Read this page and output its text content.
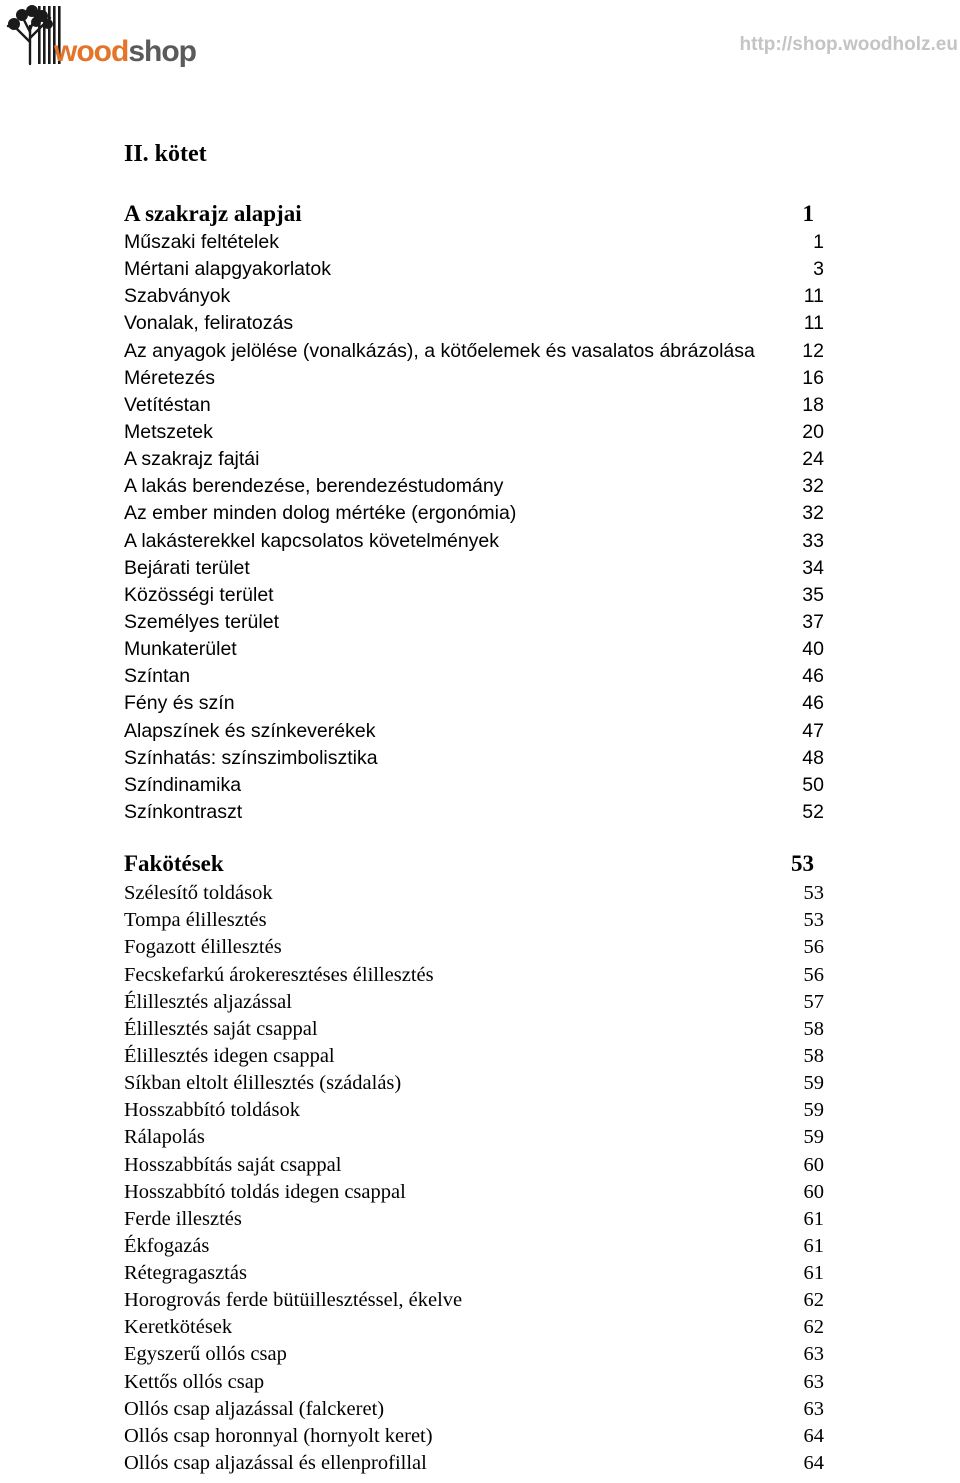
woodshop	http://shop.woodholz.eu
II. kötet
A szakrajz alapjai	1
Műszaki feltételek	1
Mértani alapgyakorlatok	3
Szabványok	11
Vonalak, feliratozás	11
Az anyagok jelölése (vonalkázás), a kötőelemek és vasalatos ábrázolása 12
Méretezés	16
Vetítéstan	18
Metszetek	20
A szakrajz fajtái	24
A lakás berendezése, berendezéstudomány	32
Az ember minden dolog mértéke (ergonómia)	32
A lakásterekkel kapcsolatos követelmények	33
Bejárati terület	34
Közösségi terület	35
Személyes terület	37
Munkaterület	40
Színtan	46
Fény és szín	46
Alapszínek és színkeverékek	47
Színhatás: színszimbolisztika	48
Színdinamika	50
Színkontraszt	52
Fakötések	53
Szélesítő toldások	53
Tompa élillesztés	53
Fogazott élillesztés	56
Fecskefarkú árokeresztéses élillesztés	56
Élillesztés aljazással	57
Élillesztés saját csappal	58
Élillesztés idegen csappal	58
Síkban eltolt élillesztés (szádalás)	59
Hosszabbító toldások	59
Rálapolás	59
Hosszabbítás saját csappal	60
Hosszabbító toldás idegen csappal	60
Ferde illesztés	61
Ékfogazás	61
Rétegragasztás	61
Horogrovás ferde bütüillesztéssel, ékelve	62
Keretkötések	62
Egyszerű ollós csap	63
Kettős ollós csap	63
Ollós csap aljazással (falckeret)	63
Ollós csap horonnyal (hornyolt keret)	64
Ollós csap aljazással és ellenprofillal	64
